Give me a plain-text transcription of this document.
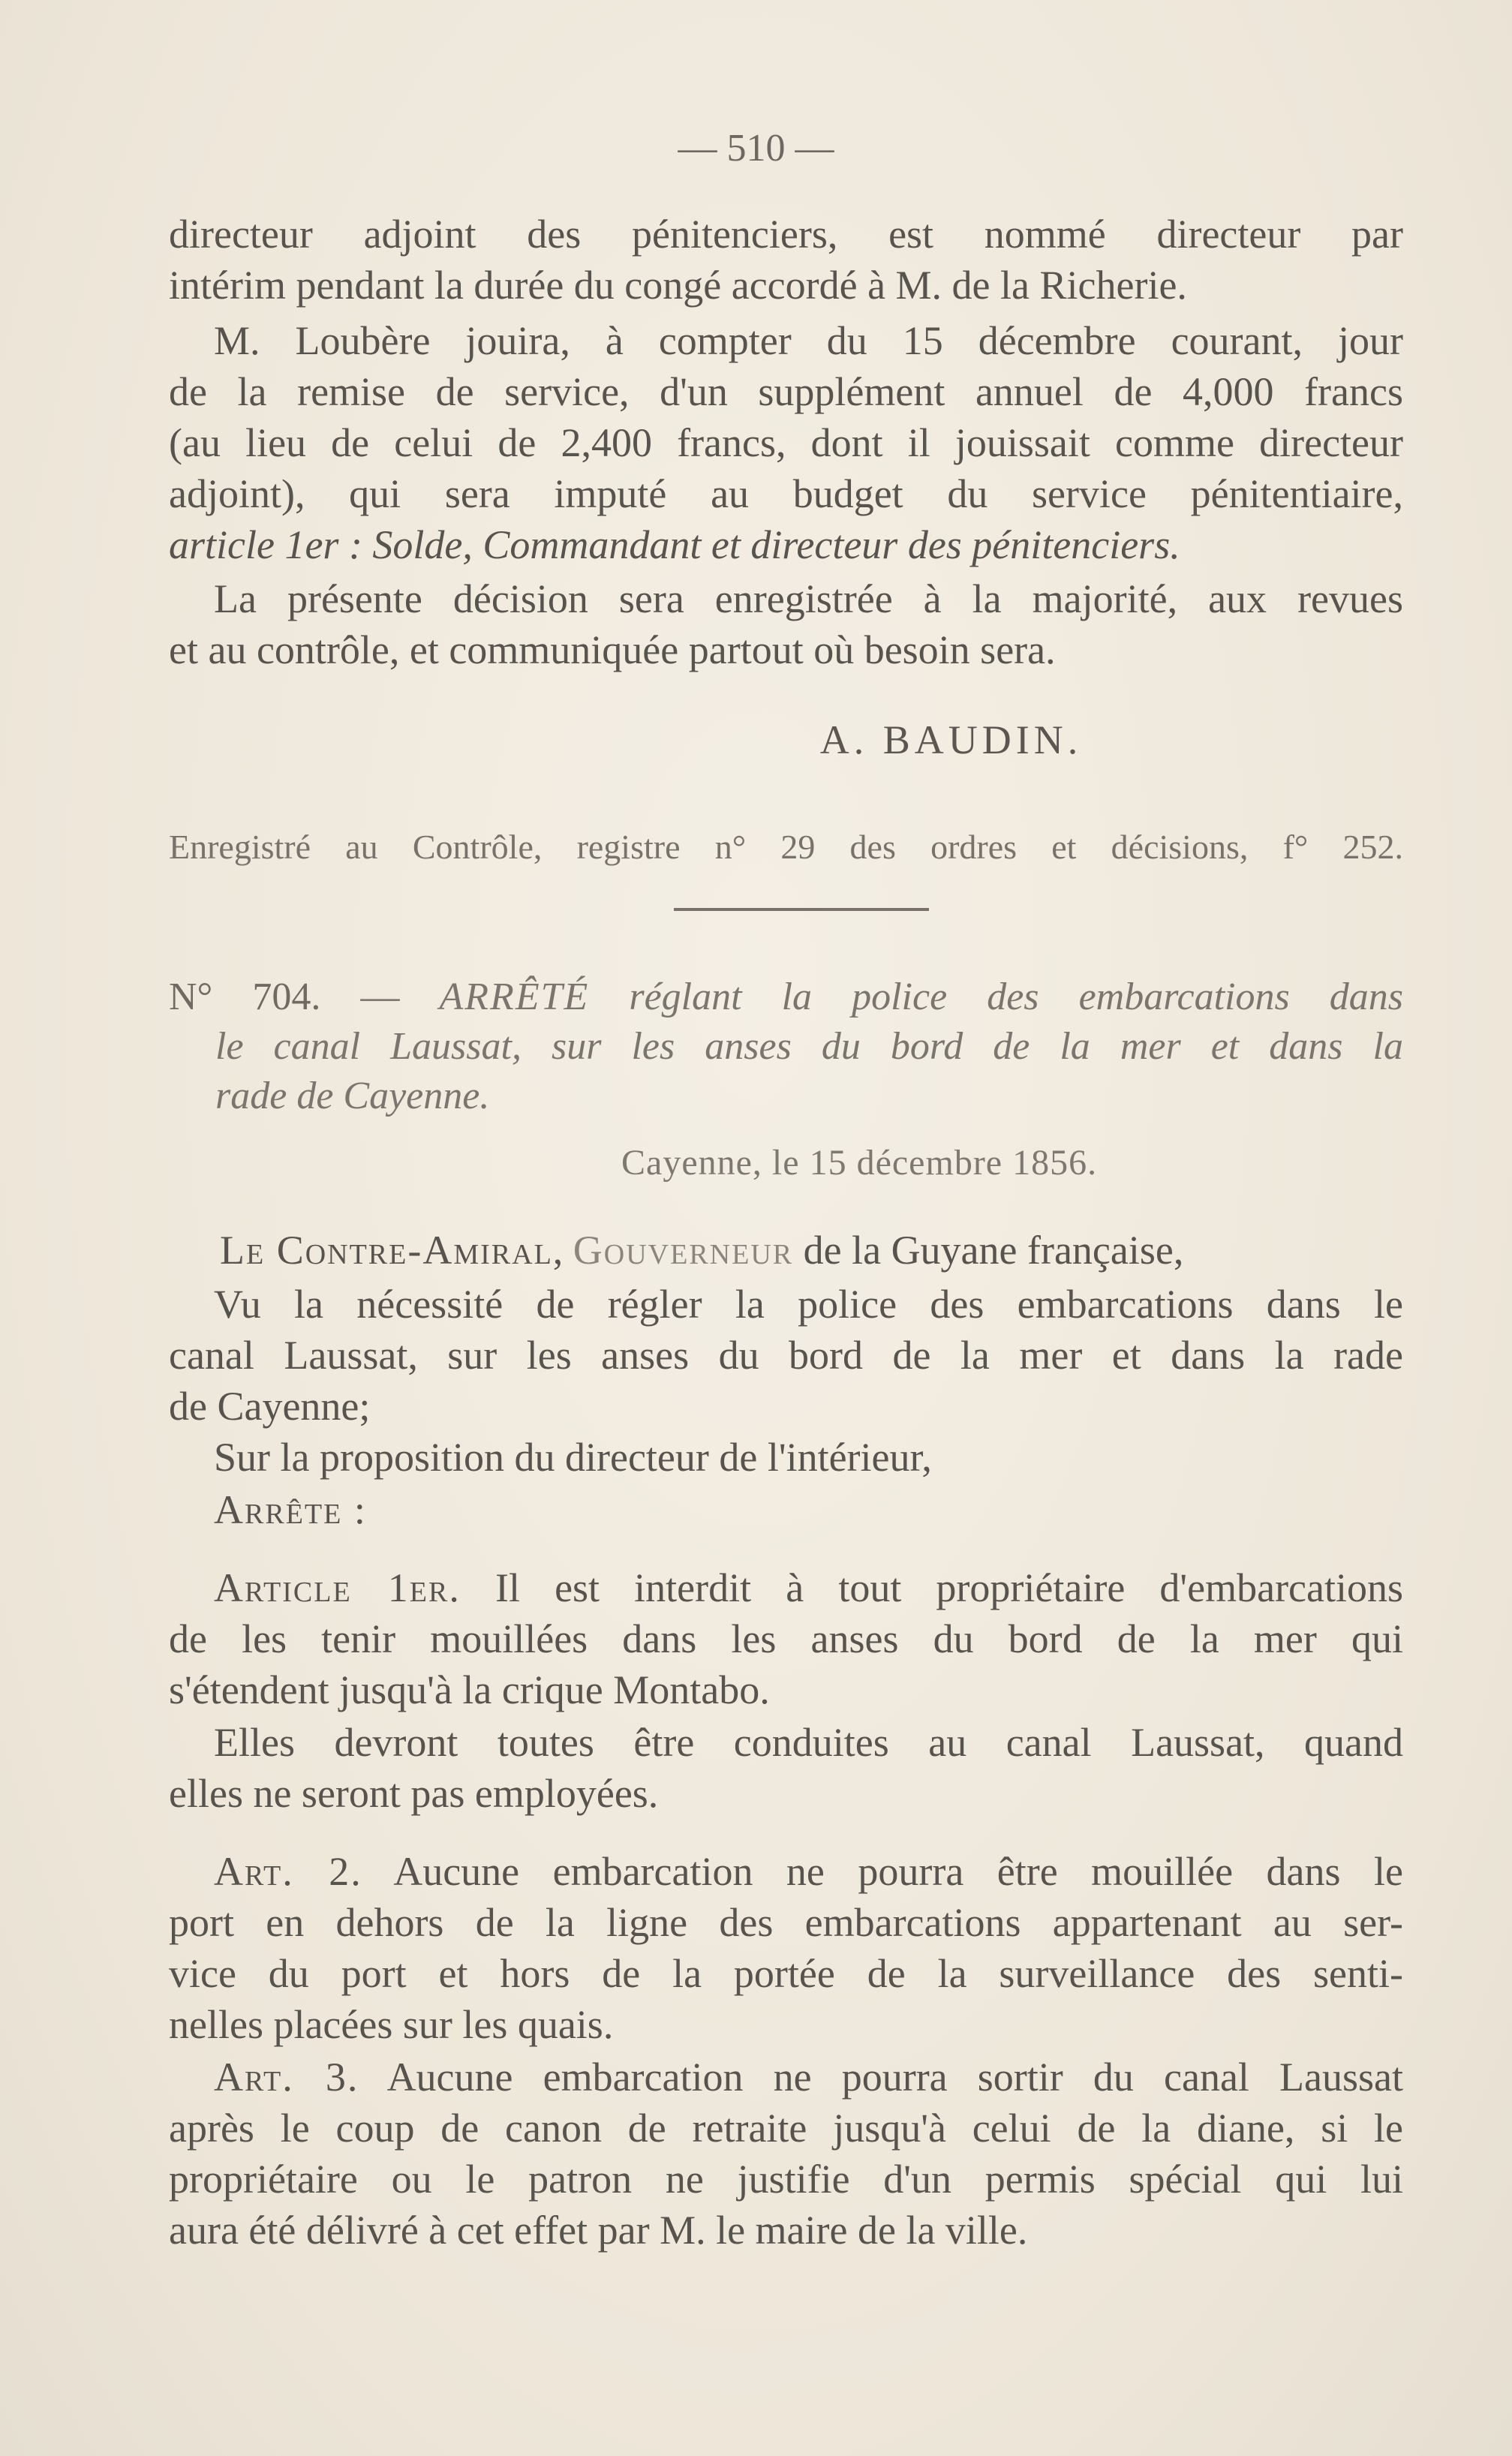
— 510 —
directeur adjoint des pénitenciers, est nommé directeur par
intérim pendant la durée du congé accordé à M. de la Richerie.
M. Loubère jouira, à compter du 15 décembre courant, jour
de la remise de service, d'un supplément annuel de 4,000 francs
(au lieu de celui de 2,400 francs, dont il jouissait comme directeur
adjoint), qui sera imputé au budget du service pénitentiaire,
article 1er : Solde, Commandant et directeur des pénitenciers.
La présente décision sera enregistrée à la majorité, aux revues
et au contrôle, et communiquée partout où besoin sera.
A. BAUDIN.
Enregistré au Contrôle, registre n° 29 des ordres et décisions, f° 252.
N° 704. — ARRÊTÉ réglant la police des embarcations dans
le canal Laussat, sur les anses du bord de la mer et dans la
rade de Cayenne.
Cayenne, le 15 décembre 1856.
Le Contre-Amiral, Gouverneur de la Guyane française,
Vu la nécessité de régler la police des embarcations dans le
canal Laussat, sur les anses du bord de la mer et dans la rade
de Cayenne;
Sur la proposition du directeur de l'intérieur,
Arrête :
Article 1er. Il est interdit à tout propriétaire d'embarcations
de les tenir mouillées dans les anses du bord de la mer qui
s'étendent jusqu'à la crique Montabo.
Elles devront toutes être conduites au canal Laussat, quand
elles ne seront pas employées.
Art. 2. Aucune embarcation ne pourra être mouillée dans le
port en dehors de la ligne des embarcations appartenant au ser-
vice du port et hors de la portée de la surveillance des senti-
nelles placées sur les quais.
Art. 3. Aucune embarcation ne pourra sortir du canal Laussat
après le coup de canon de retraite jusqu'à celui de la diane, si le
propriétaire ou le patron ne justifie d'un permis spécial qui lui
aura été délivré à cet effet par M. le maire de la ville.
